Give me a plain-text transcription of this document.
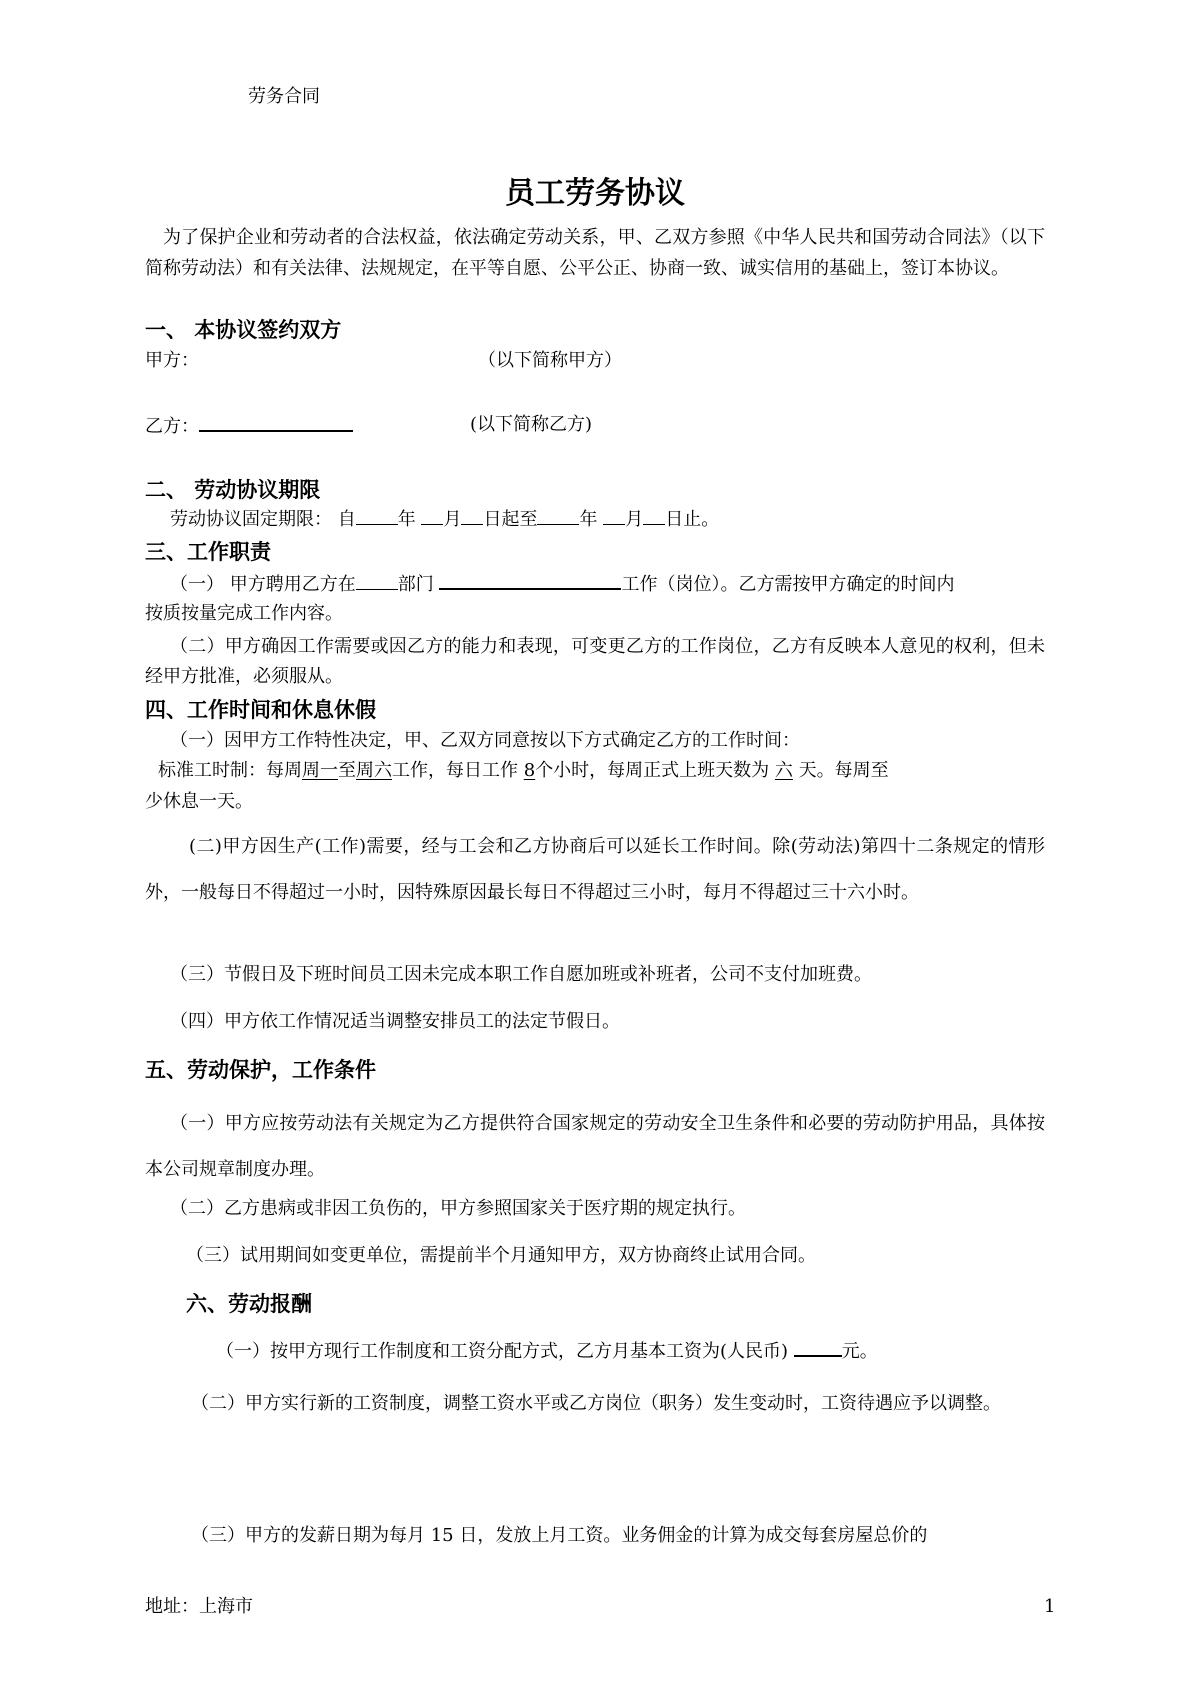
劳务合同
员工劳务协议
为了保护企业和劳动者的合法权益，依法确定劳动关系，甲、乙双方参照《中华人民共和国劳动合同法》（以下简称劳动法）和有关法律、法规规定，在平等自愿、公平公正、协商一致、诚实信用的基础上，签订本协议。
一、 本协议签约双方
甲方：	（以下简称甲方）
乙方：	(以下简称乙方)
二、 劳动协议期限
劳动协议固定期限： 自 年 月 日起至 年 月 日止。
三、工作职责
（一） 甲方聘用乙方在 部门	工作（岗位）。乙方需按甲方确定的时间内
按质按量完成工作内容。
（二）甲方确因工作需要或因乙方的能力和表现，可变更乙方的工作岗位，乙方有反映本人意见的权利，但未经甲方批准，必须服从。
四、工作时间和休息休假
（一）因甲方工作特性决定，甲、乙双方同意按以下方式确定乙方的工作时间：
标准工时制：每周周一至周六工作，每日工作 8个小时，每周正式上班天数为 六 天。每周至
少休息一天。
(二)甲方因生产(工作)需要，经与工会和乙方协商后可以延长工作时间。除(劳动法)第四十二条规定的情形外，一般每日不得超过一小时，因特殊原因最长每日不得超过三小时，每月不得超过三十六小时。
（三）节假日及下班时间员工因未完成本职工作自愿加班或补班者，公司不支付加班费。
（四）甲方依工作情况适当调整安排员工的法定节假日。
五、劳动保护，工作条件
（一）甲方应按劳动法有关规定为乙方提供符合国家规定的劳动安全卫生条件和必要的劳动防护用品，具体按本公司规章制度办理。
（二）乙方患病或非因工负伤的，甲方参照国家关于医疗期的规定执行。
（三）试用期间如变更单位，需提前半个月通知甲方，双方协商终止试用合同。
六、劳动报酬
（一）按甲方现行工作制度和工资分配方式，乙方月基本工资为(人民币)	元。
（二）甲方实行新的工资制度，调整工资水平或乙方岗位（职务）发生变动时，工资待遇应予以调整。
（三）甲方的发薪日期为每月 15 日，发放上月工资。业务佣金的计算为成交每套房屋总价的
地址：上海市	1
